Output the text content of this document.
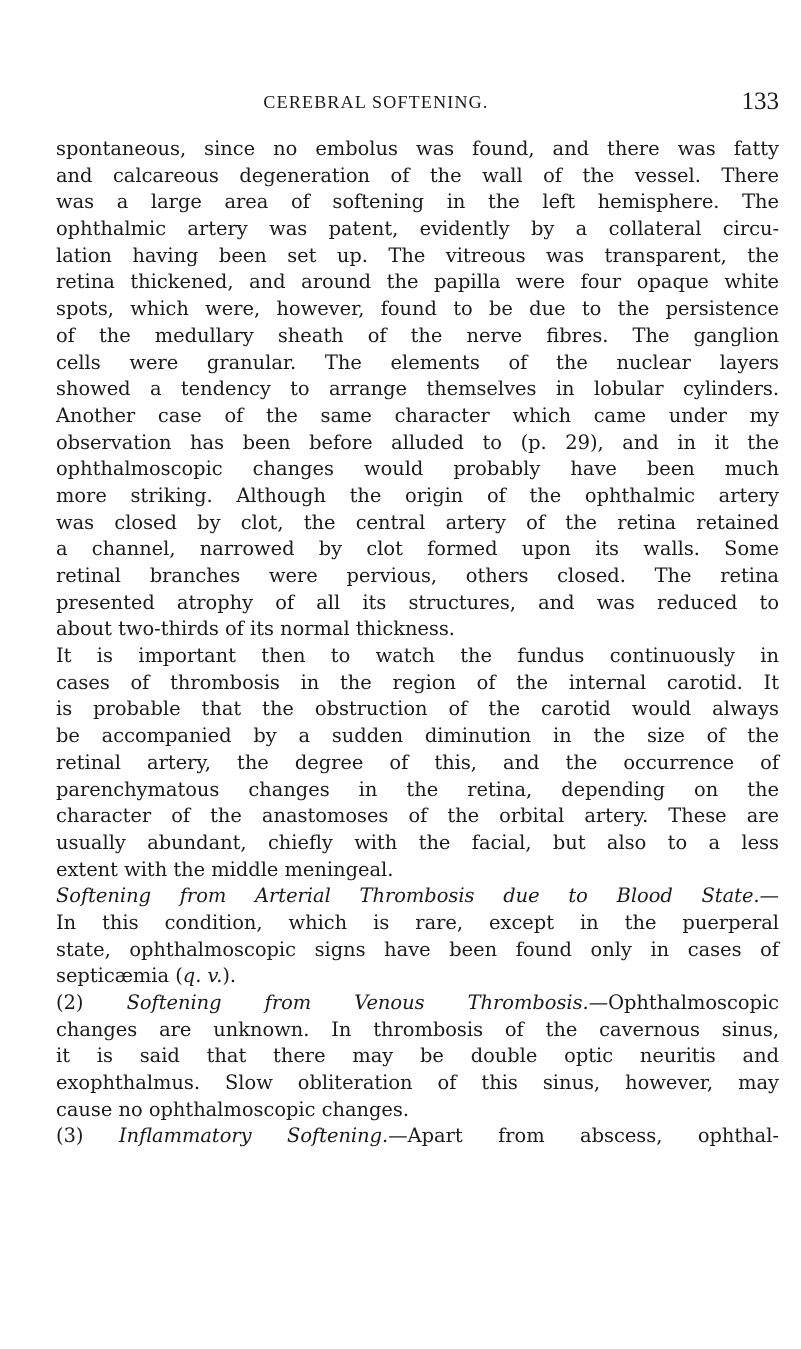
CEREBRAL SOFTENING.	133
spontaneous, since no embolus was found, and there was fatty
and calcareous degeneration of the wall of the vessel. There
was a large area of softening in the left hemisphere. The
ophthalmic artery was patent, evidently by a collateral circu-
lation having been set up. The vitreous was transparent, the
retina thickened, and around the papilla were four opaque white
spots, which were, however, found to be due to the persistence
of the medullary sheath of the nerve fibres. The ganglion
cells were granular. The elements of the nuclear layers
showed a tendency to arrange themselves in lobular cylinders.
Another case of the same character which came under my
observation has been before alluded to (p. 29), and in it the
ophthalmoscopic changes would probably have been much
more striking. Although the origin of the ophthalmic artery
was closed by clot, the central artery of the retina retained
a channel, narrowed by clot formed upon its walls. Some
retinal branches were pervious, others closed. The retina
presented atrophy of all its structures, and was reduced to
about two-thirds of its normal thickness.
It is important then to watch the fundus continuously in
cases of thrombosis in the region of the internal carotid. It
is probable that the obstruction of the carotid would always
be accompanied by a sudden diminution in the size of the
retinal artery, the degree of this, and the occurrence of
parenchymatous changes in the retina, depending on the
character of the anastomoses of the orbital artery. These are
usually abundant, chiefly with the facial, but also to a less
extent with the middle meningeal.
Softening from Arterial Thrombosis due to Blood State.—
In this condition, which is rare, except in the puerperal
state, ophthalmoscopic signs have been found only in cases of
septicæmia (q. v.).
(2) Softening from Venous Thrombosis.—Ophthalmoscopic
changes are unknown. In thrombosis of the cavernous sinus,
it is said that there may be double optic neuritis and
exophthalmus. Slow obliteration of this sinus, however, may
cause no ophthalmoscopic changes.
(3) Inflammatory Softening.—Apart from abscess, ophthal-
